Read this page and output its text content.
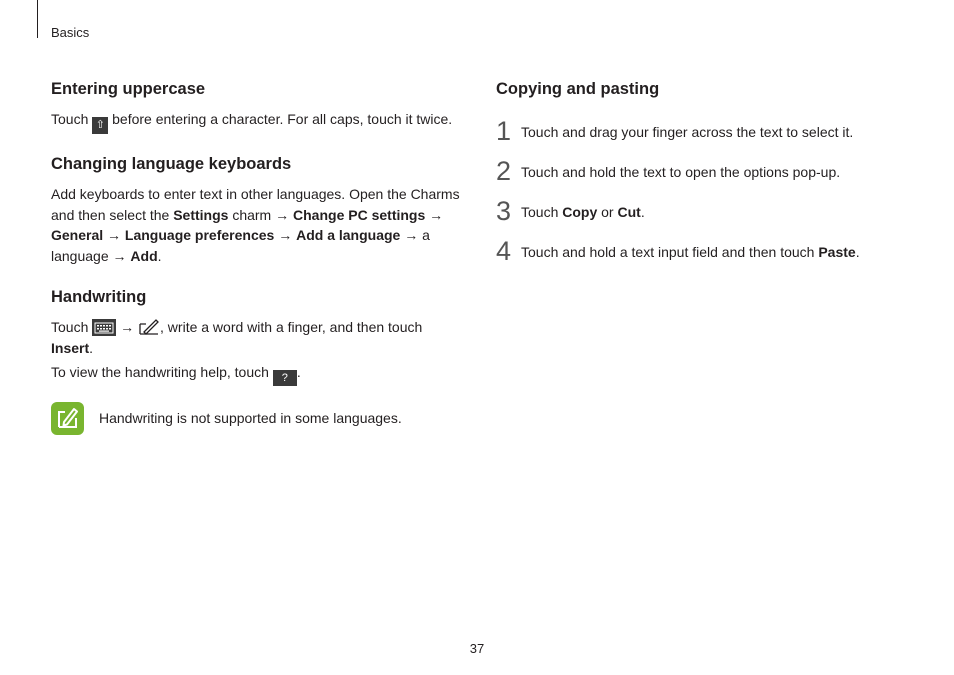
Basics
Entering uppercase

Touch ⇧ before entering a character. For all caps, touch it twice.

Changing language keyboards

Add keyboards to enter text in other languages. Open the Charms and then select the Settings charm → Change PC settings → General → Language preferences → Add a language → a language → Add.

Handwriting

Touch  → , write a word with a finger, and then touch Insert.

To view the handwriting help, touch ? .

Handwriting is not supported in some languages.
Copying and pasting
1 Touch and drag your finger across the text to select it.
2 Touch and hold the text to open the options pop-up.
3 Touch Copy or Cut.
4 Touch and hold a text input field and then touch Paste.
37
